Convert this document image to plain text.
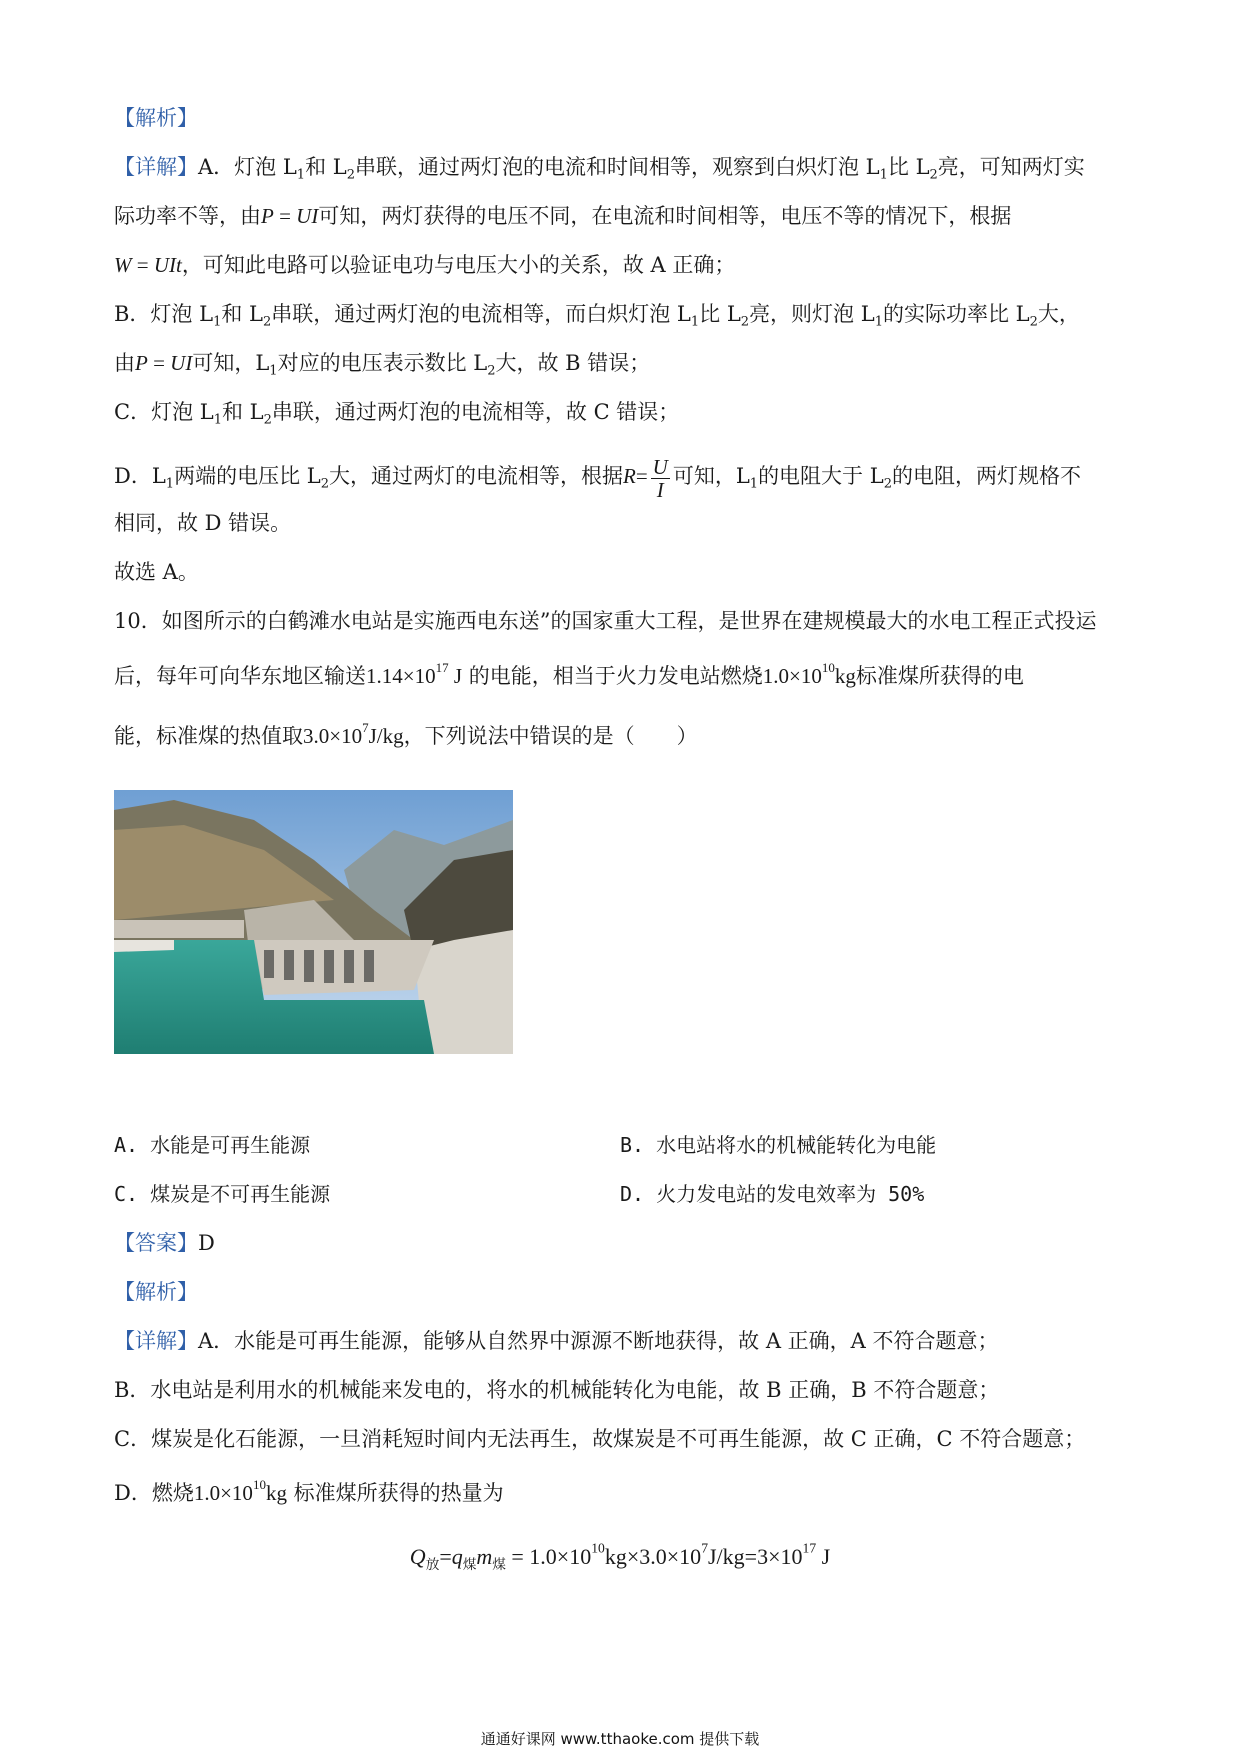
【解析】
【详解】A．灯泡 $L_1$和 $L_2$串联，通过两灯泡的电流和时间相等，观察到白炽灯泡 $L_1$比 $L_2$亮，可知两灯实
际功率不等，由P = UI可知，两灯获得的电压不同，在电流和时间相等，电压不等的情况下，根据
W = UIt，可知此电路可以验证电功与电压大小的关系，故 A 正确；
B．灯泡 $L_1$和 $L_2$串联，通过两灯泡的电流相等，而白炽灯泡 $L_1$比 $L_2$亮，则灯泡 $L_1$的实际功率比 $L_2$大，
由P = UI可知，$L_1$对应的电压表示数比 $L_2$大，故 B 错误；
C．灯泡 $L_1$和 $L_2$串联，通过两灯泡的电流相等，故 C 错误；
D．$L_1$两端的电压比 $L_2$大，通过两灯的电流相等，根据$R= \frac{U}{I}$ 可知，$L_1$的电阻大于 $L_2$的电阻，两灯规格不
相同，故 D 错误。
故选 A。
10．如图所示的白鹤滩水电站是实施西电东送”的国家重大工程，是世界在建规模最大的水电工程正式投运
后，每年可向华东地区输送$1.14\times 10^{17}$ J 的电能，相当于火力发电站燃烧$1.0\times 10^{10}kg$标准煤所获得的电
能，标准煤的热值取$3.0\times 10^7J/kg$，下列说法中错误的是（　　）
A. 水能是可再生能源	B. 水电站将水的机械能转化为电能
C. 煤炭是不可再生能源	D. 火力发电站的发电效率为 50%
【答案】D
【解析】
【详解】A．水能是可再生能源，能够从自然界中源源不断地获得，故 A 正确，A 不符合题意；
B．水电站是利用水的机械能来发电的，将水的机械能转化为电能，故 B 正确，B 不符合题意；
C．煤炭是化石能源，一旦消耗短时间内无法再生，故煤炭是不可再生能源，故 C 正确，C 不符合题意；
D．燃烧$1.0\times 10^{10}kg$ 标准煤所获得的热量为
$Q_放=q_煤m_煤 = 1.0\times 10^{10}kg\times 3.0\times 10^7J/kg=3\times 10^{17}$ J
通通好课网 www.tthaoke.com 提供下载
